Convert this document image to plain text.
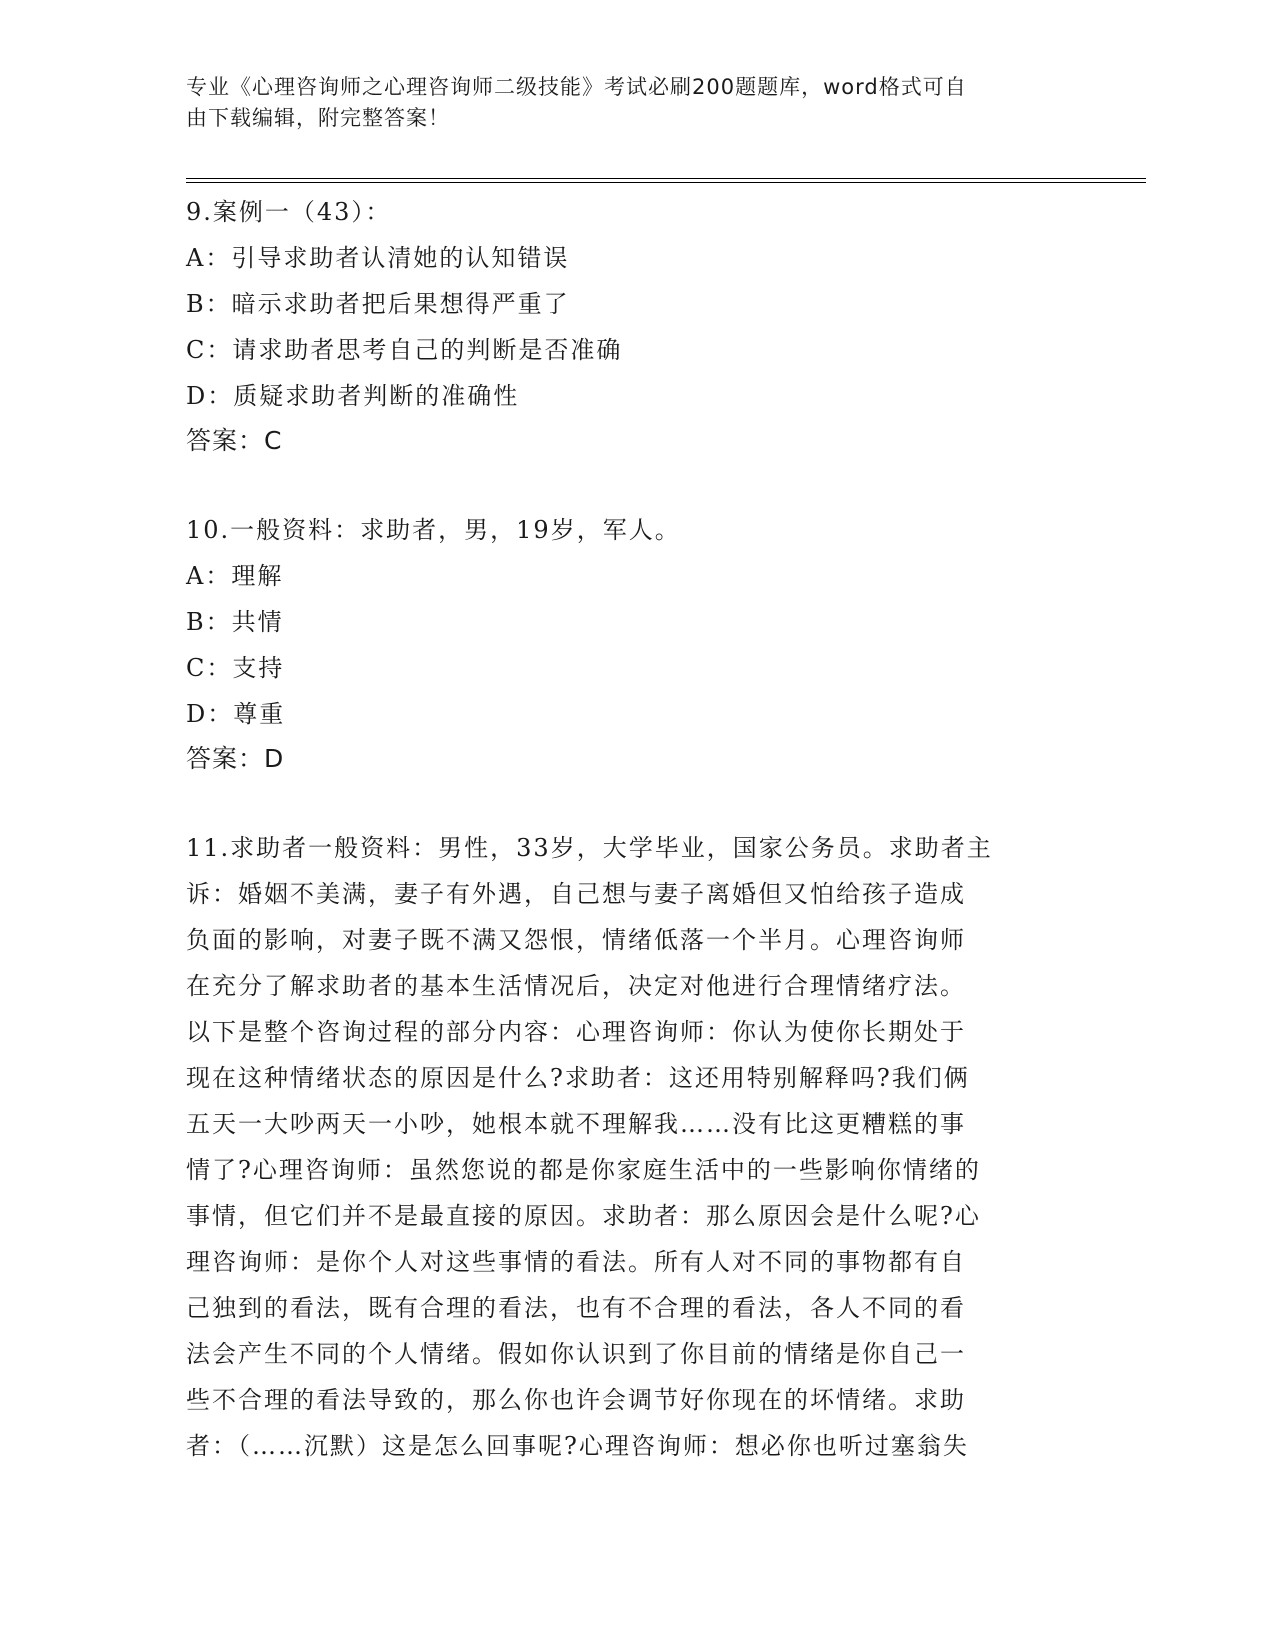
专业《心理咨询师之心理咨询师二级技能》考试必刷200题题库，word格式可自
由下载编辑，附完整答案！
9.案例一（43）：
A：引导求助者认清她的认知错误
B：暗示求助者把后果想得严重了
C：请求助者思考自己的判断是否准确
D：质疑求助者判断的准确性
答案：C
10.一般资料：求助者，男，19岁，军人。
A：理解
B：共情
C：支持
D：尊重
答案：D
11.求助者一般资料：男性，33岁，大学毕业，国家公务员。求助者主
诉：婚姻不美满，妻子有外遇，自己想与妻子离婚但又怕给孩子造成
负面的影响，对妻子既不满又怨恨，情绪低落一个半月。心理咨询师
在充分了解求助者的基本生活情况后，决定对他进行合理情绪疗法。
以下是整个咨询过程的部分内容：心理咨询师：你认为使你长期处于
现在这种情绪状态的原因是什么?求助者：这还用特别解释吗?我们俩
五天一大吵两天一小吵，她根本就不理解我……没有比这更糟糕的事
情了?心理咨询师：虽然您说的都是你家庭生活中的一些影响你情绪的
事情，但它们并不是最直接的原因。求助者：那么原因会是什么呢?心
理咨询师：是你个人对这些事情的看法。所有人对不同的事物都有自
己独到的看法，既有合理的看法，也有不合理的看法，各人不同的看
法会产生不同的个人情绪。假如你认识到了你目前的情绪是你自己一
些不合理的看法导致的，那么你也许会调节好你现在的坏情绪。求助
者：（……沉默）这是怎么回事呢?心理咨询师：想必你也听过塞翁失
